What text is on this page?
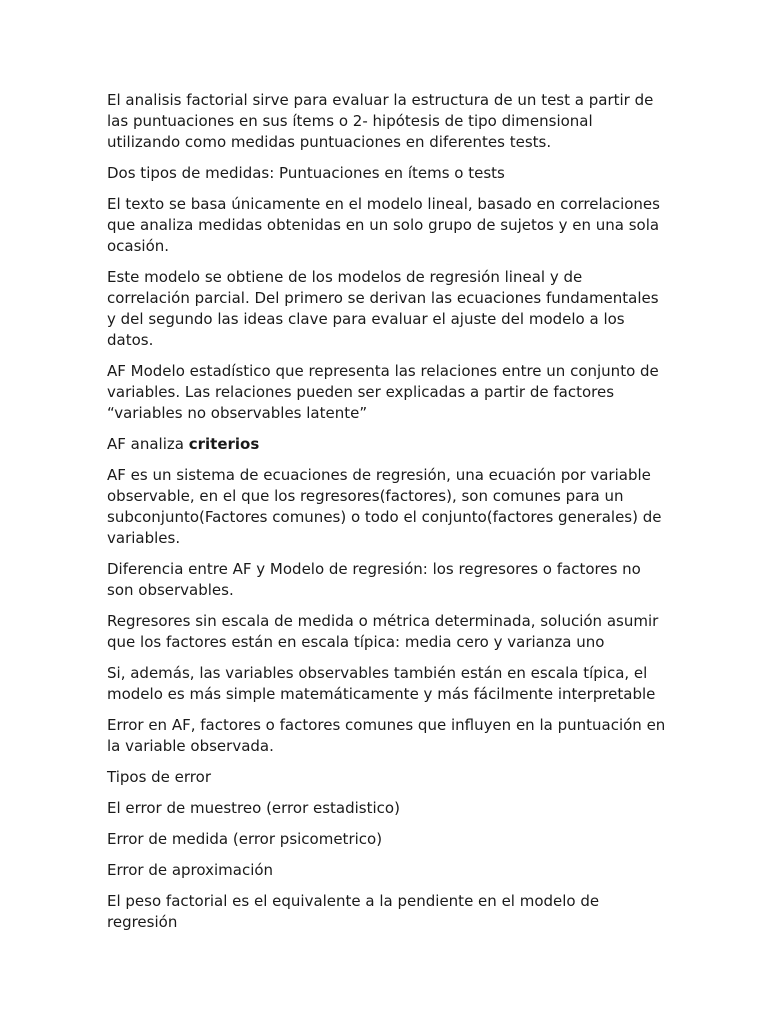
El analisis factorial sirve para evaluar la estructura de un test a partir de las puntuaciones en sus ítems o 2- hipótesis de tipo dimensional utilizando como medidas puntuaciones en diferentes tests.

Dos tipos de medidas: Puntuaciones en ítems o tests

El texto se basa únicamente en el modelo lineal, basado en correlaciones que analiza medidas obtenidas en un solo grupo de sujetos y en una sola ocasión.

Este modelo se obtiene de los modelos de regresión lineal y de correlación parcial. Del primero se derivan las ecuaciones fundamentales y del segundo las ideas clave para evaluar el ajuste del modelo a los datos.

AF Modelo estadístico que representa las relaciones entre un conjunto de variables. Las relaciones pueden ser explicadas a partir de factores “variables no observables latente”

AF analiza criterios

AF es un sistema de ecuaciones de regresión, una ecuación por variable observable, en el que los regresores(factores), son comunes para un subconjunto(Factores comunes) o todo el conjunto(factores generales) de variables.

Diferencia entre AF y Modelo de regresión: los regresores o factores no son observables.

Regresores sin escala de medida o métrica determinada, solución asumir que los factores están en escala típica: media cero y varianza uno

Si, además, las variables observables también están en escala típica, el modelo es más simple matemáticamente y más fácilmente interpretable

Error en AF, factores o factores comunes que influyen en la puntuación en la variable observada.

Tipos de error

El error de muestreo (error estadistico)

Error de medida (error psicometrico)

Error de aproximación

El peso factorial es el equivalente a la pendiente en el modelo de regresión
